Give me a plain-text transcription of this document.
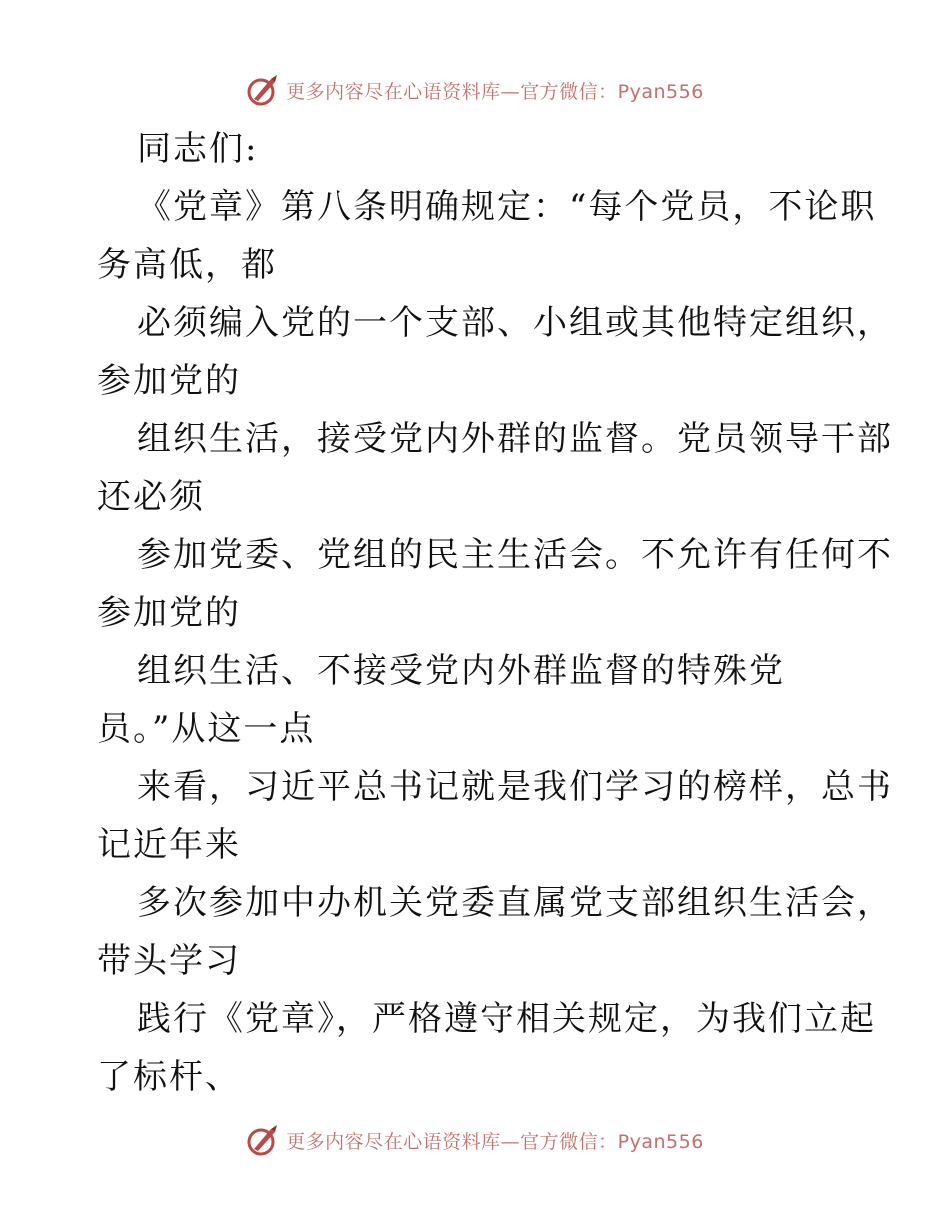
更多内容尽在心语资料库—官方微信：Pyan556
同志们:
《党章》第八条明确规定：“每个党员，不论职
务高低，都
必须编入党的一个支部、小组或其他特定组织，
参加党的
组织生活，接受党内外群的监督。党员领导干部
还必须
参加党委、党组的民主生活会。不允许有任何不
参加党的
组织生活、不接受党内外群监督的特殊党
员。”从这一点
来看，习近平总书记就是我们学习的榜样，总书
记近年来
多次参加中办机关党委直属党支部组织生活会，
带头学习
践行《党章》，严格遵守相关规定，为我们立起
了标杆、
更多内容尽在心语资料库—官方微信：Pyan556
